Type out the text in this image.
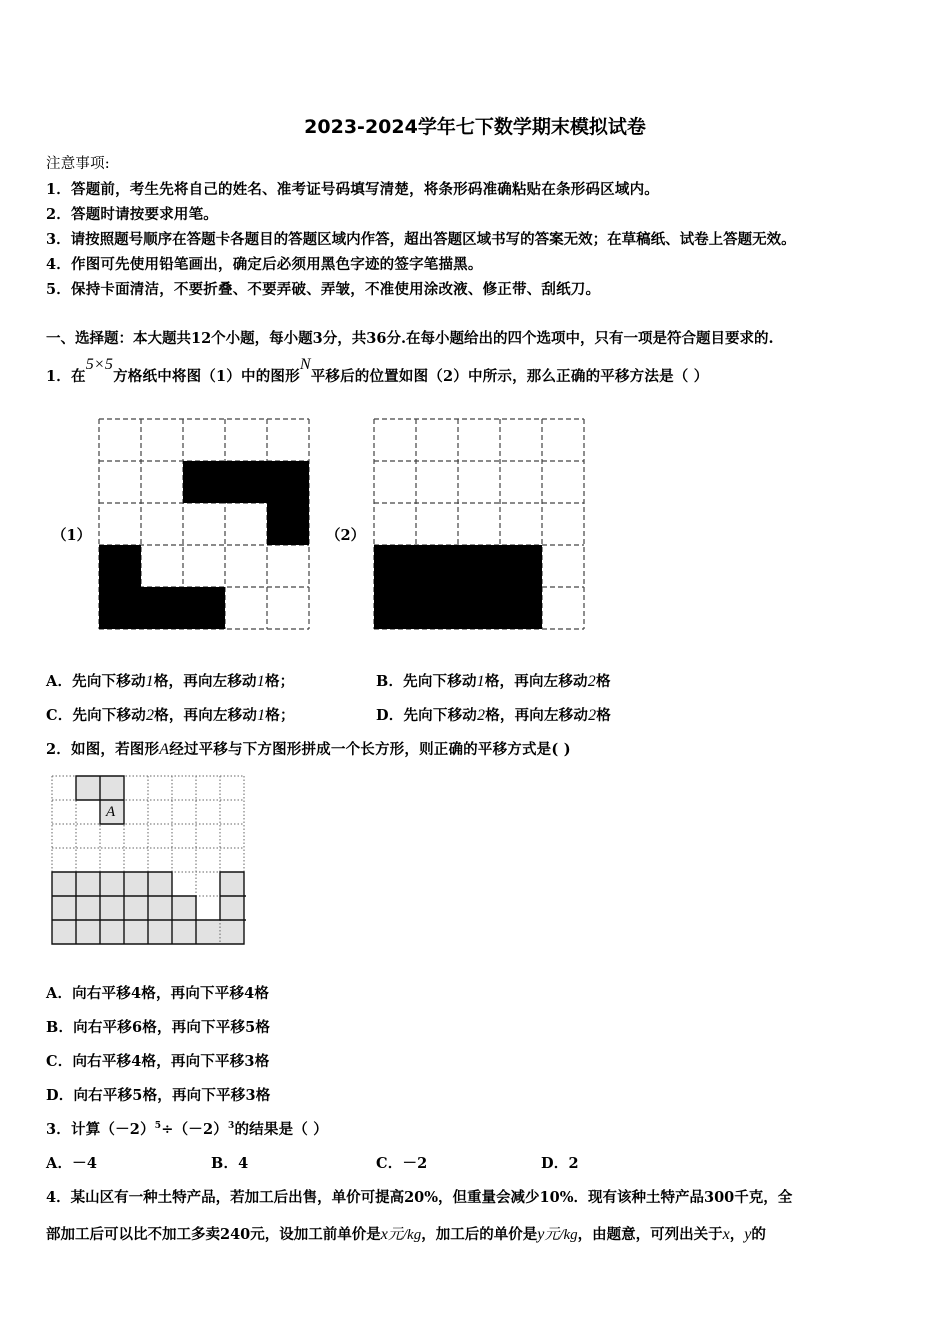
2023-2024学年七下数学期末模拟试卷
注意事项:
1．答题前，考生先将自己的姓名、准考证号码填写清楚，将条形码准确粘贴在条形码区域内。
2．答题时请按要求用笔。
3．请按照题号顺序在答题卡各题目的答题区域内作答，超出答题区域书写的答案无效；在草稿纸、试卷上答题无效。
4．作图可先使用铅笔画出，确定后必须用黑色字迹的签字笔描黑。
5．保持卡面清洁，不要折叠、不要弄破、弄皱，不准使用涂改液、修正带、刮纸刀。
一、选择题：本大题共12个小题，每小题3分，共36分.在每小题给出的四个选项中，只有一项是符合题目要求的.
1．在5×5方格纸中将图（1）中的图形N平移后的位置如图（2）中所示，那么正确的平移方法是（ ）
（1）	（2）
A．先向下移动1格，再向左移动1格；	B．先向下移动1格，再向左移动2格
C．先向下移动2格，再向左移动1格；	D．先向下移动2格，再向左移动2格
2．如图，若图形A经过平移与下方图形拼成一个长方形，则正确的平移方式是( )
A
A．向右平移4格，再向下平移4格
B．向右平移6格，再向下平移5格
C．向右平移4格，再向下平移3格
D．向右平移5格，再向下平移3格
3．计算$(-2)^5\div(-2)^3$的结果是（ ）
A．－4	B．4	C．－2	D．2
4．某山区有一种土特产品，若加工后出售，单价可提高20%，但重量会减少10%．现有该种土特产品300千克，全
部加工后可以比不加工多卖240元，设加工前单价是x元/kg，加工后的单价是y元/kg，由题意，可列出关于x，y的
